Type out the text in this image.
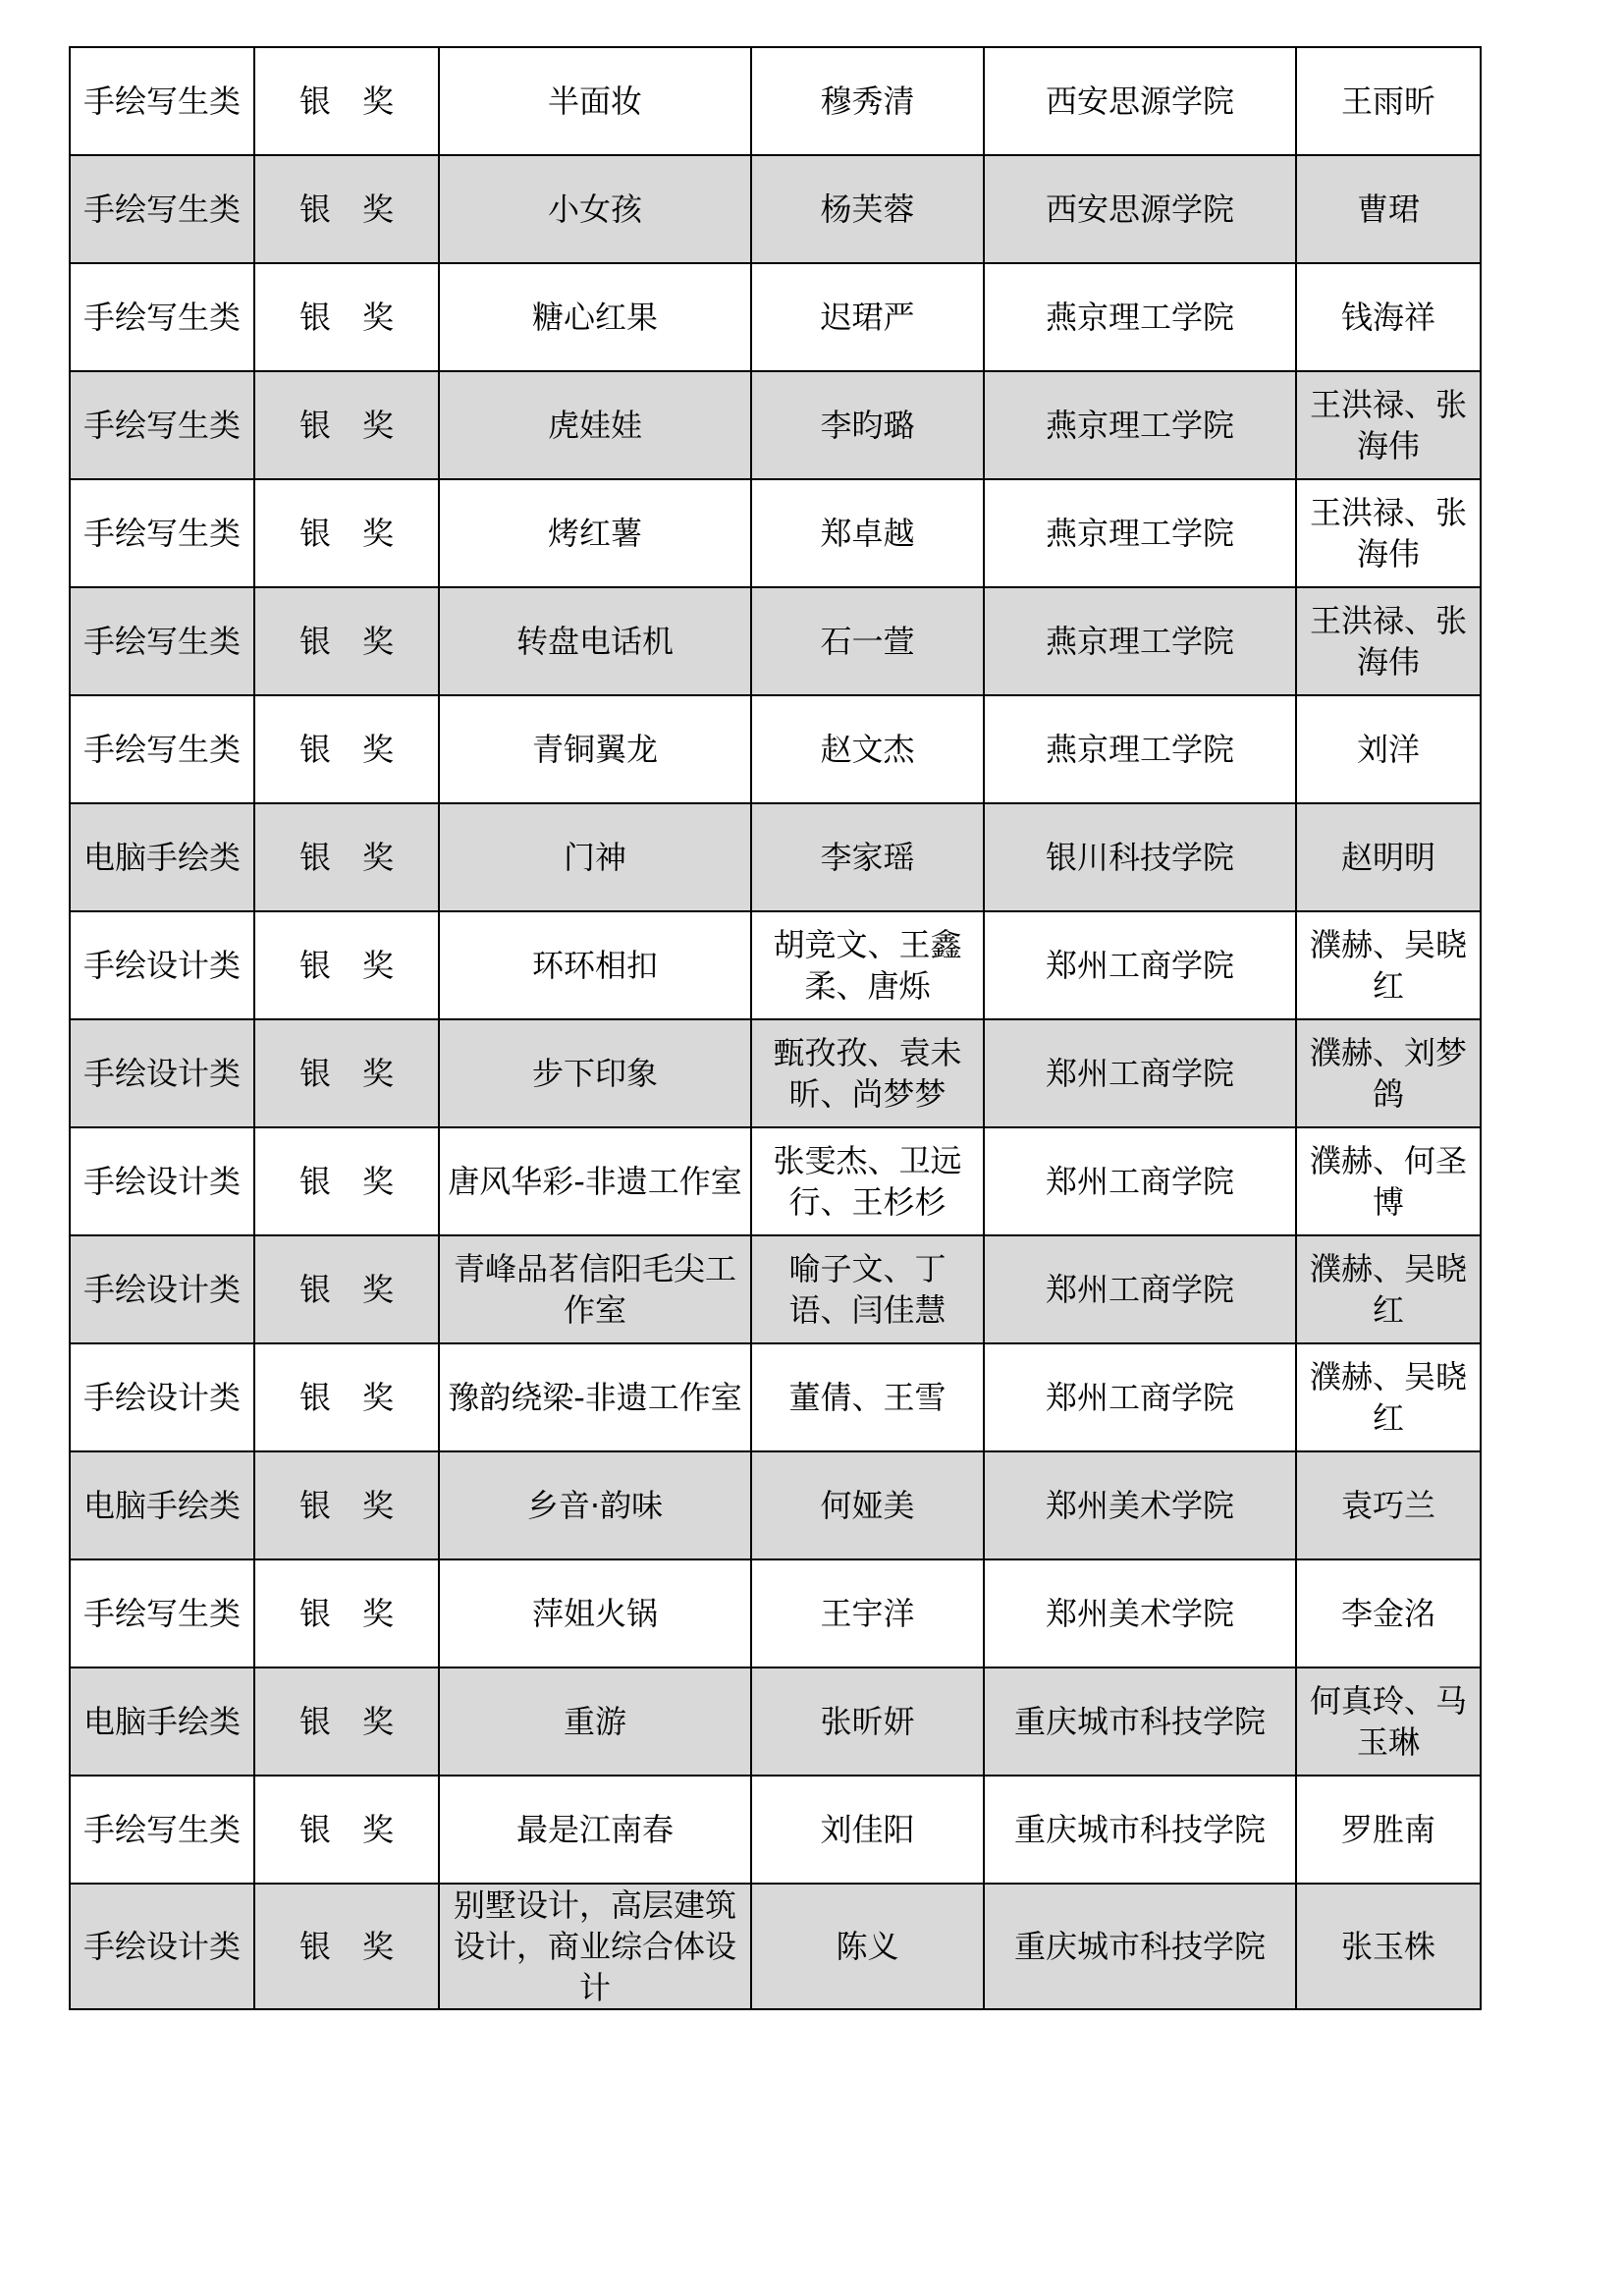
手绘写生类	银　奖	半面妆	穆秀清	西安思源学院	王雨昕
手绘写生类	银　奖	小女孩	杨芙蓉	西安思源学院	曹珺
手绘写生类	银　奖	糖心红果	迟珺严	燕京理工学院	钱海祥
手绘写生类	银　奖	虎娃娃	李昀璐	燕京理工学院	王洪禄、张海伟
手绘写生类	银　奖	烤红薯	郑卓越	燕京理工学院	王洪禄、张海伟
手绘写生类	银　奖	转盘电话机	石一萱	燕京理工学院	王洪禄、张海伟
手绘写生类	银　奖	青铜翼龙	赵文杰	燕京理工学院	刘洋
电脑手绘类	银　奖	门神	李家瑶	银川科技学院	赵明明
手绘设计类	银　奖	环环相扣	胡竞文、王鑫柔、唐烁	郑州工商学院	濮赫、吴晓红
手绘设计类	银　奖	步下印象	甄孜孜、袁未昕、尚梦梦	郑州工商学院	濮赫、刘梦鸽
手绘设计类	银　奖	唐风华彩-非遗工作室	张雯杰、卫远行、王杉杉	郑州工商学院	濮赫、何圣博
手绘设计类	银　奖	青峰品茗信阳毛尖工作室	喻子文、丁语、闫佳慧	郑州工商学院	濮赫、吴晓红
手绘设计类	银　奖	豫韵绕梁-非遗工作室	董倩、王雪	郑州工商学院	濮赫、吴晓红
电脑手绘类	银　奖	乡音·韵味	何娅美	郑州美术学院	袁巧兰
手绘写生类	银　奖	萍姐火锅	王宇洋	郑州美术学院	李金洺
电脑手绘类	银　奖	重游	张昕妍	重庆城市科技学院	何真玲、马玉琳
手绘写生类	银　奖	最是江南春	刘佳阳	重庆城市科技学院	罗胜南
手绘设计类	银　奖	别墅设计，高层建筑设计，商业综合体设计	陈义	重庆城市科技学院	张玉株
